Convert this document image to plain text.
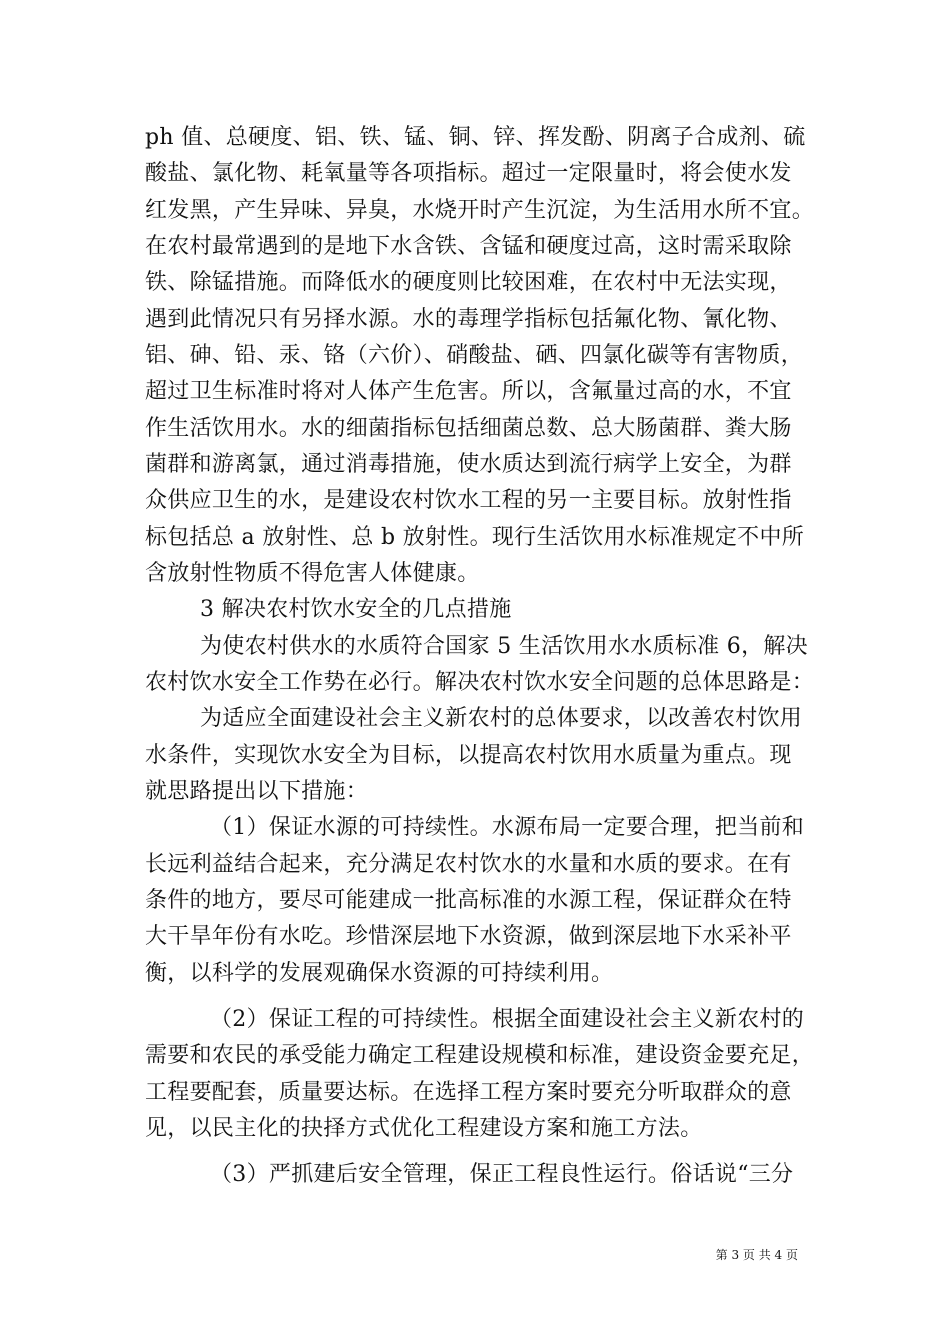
ph 值、总硬度、铝、铁、锰、铜、锌、挥发酚、阴离子合成剂、硫
酸盐、氯化物、耗氧量等各项指标。超过一定限量时，将会使水发
红发黑，产生异味、异臭，水烧开时产生沉淀，为生活用水所不宜。
在农村最常遇到的是地下水含铁、含锰和硬度过高，这时需采取除
铁、除锰措施。而降低水的硬度则比较困难，在农村中无法实现，
遇到此情况只有另择水源。水的毒理学指标包括氟化物、氰化物、
铝、砷、铅、汞、铬（六价）、硝酸盐、硒、四氯化碳等有害物质，
超过卫生标准时将对人体产生危害。所以，含氟量过高的水，不宜
作生活饮用水。水的细菌指标包括细菌总数、总大肠菌群、粪大肠
菌群和游离氯，通过消毒措施，使水质达到流行病学上安全，为群
众供应卫生的水，是建设农村饮水工程的另一主要目标。放射性指
标包括总 a 放射性、总 b 放射性。现行生活饮用水标准规定不中所
含放射性物质不得危害人体健康。
3 解决农村饮水安全的几点措施
为使农村供水的水质符合国家 5 生活饮用水水质标准 6，解决
农村饮水安全工作势在必行。解决农村饮水安全问题的总体思路是：
为适应全面建设社会主义新农村的总体要求，以改善农村饮用
水条件，实现饮水安全为目标，以提高农村饮用水质量为重点。现
就思路提出以下措施：
（1）保证水源的可持续性。水源布局一定要合理，把当前和
长远利益结合起来，充分满足农村饮水的水量和水质的要求。在有
条件的地方，要尽可能建成一批高标准的水源工程，保证群众在特
大干旱年份有水吃。珍惜深层地下水资源，做到深层地下水采补平
衡，以科学的发展观确保水资源的可持续利用。
（2）保证工程的可持续性。根据全面建设社会主义新农村的
需要和农民的承受能力确定工程建设规模和标准，建设资金要充足，
工程要配套，质量要达标。在选择工程方案时要充分听取群众的意
见，以民主化的抉择方式优化工程建设方案和施工方法。
（3）严抓建后安全管理，保正工程良性运行。俗话说“三分
第 3 页 共 4 页
